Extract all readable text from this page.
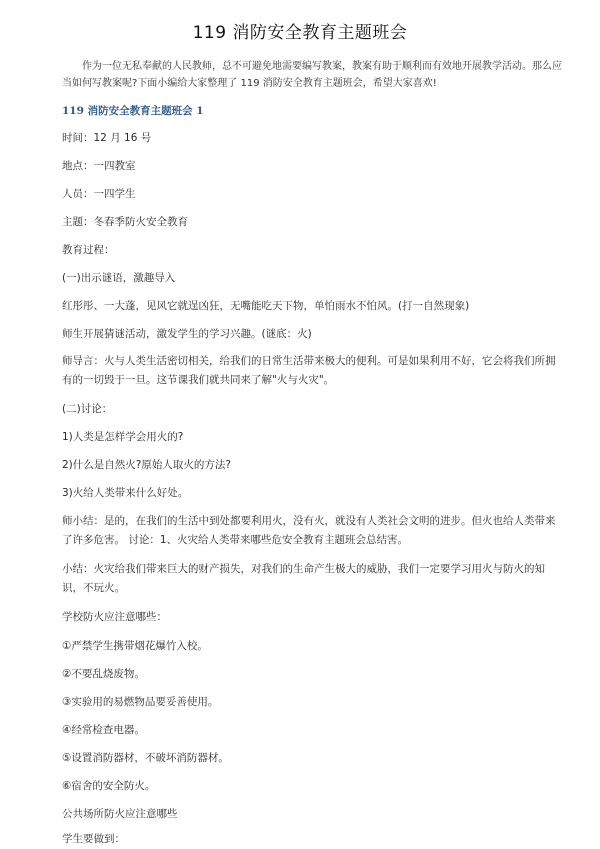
119 消防安全教育主题班会
作为一位无私奉献的人民教师，总不可避免地需要编写教案，教案有助于顺利而有效地开展教学活动。那么应当如何写教案呢?下面小编给大家整理了 119 消防安全教育主题班会，希望大家喜欢!
119 消防安全教育主题班会 1
时间：12 月 16 号
地点：一四教室
人员：一四学生
主题：冬春季防火安全教育
教育过程：
(一)出示谜语，激趣导入
红彤彤、一大蓬，见风它就逞凶狂，无嘴能吃天下物，单怕雨水不怕风。(打一自然现象)
师生开展猜谜活动，激发学生的学习兴趣。(谜底：火)
师导言：火与人类生活密切相关，给我们的日常生活带来极大的便利。可是如果利用不好，它会将我们所拥有的一切毁于一旦。这节课我们就共同来了解"火与火灾"。
(二)讨论：
1)人类是怎样学会用火的?
2)什么是自然火?原始人取火的方法?
3)火给人类带来什么好处。
师小结：是的，在我们的生活中到处都要利用火，没有火，就没有人类社会文明的进步。但火也给人类带来了许多危害。 讨论：1、火灾给人类带来哪些危安全教育主题班会总结害。
小结：火灾给我们带来巨大的财产损失，对我们的生命产生极大的威胁，我们一定要学习用火与防火的知识，不玩火。
学校防火应注意哪些：
①严禁学生携带烟花爆竹入校。
②不要乱烧废物。
③实验用的易燃物品要妥善使用。
④经常检查电器。
⑤设置消防器材，不破坏消防器材。
⑥宿舍的安全防火。
公共场所防火应注意哪些
学生要做到：
